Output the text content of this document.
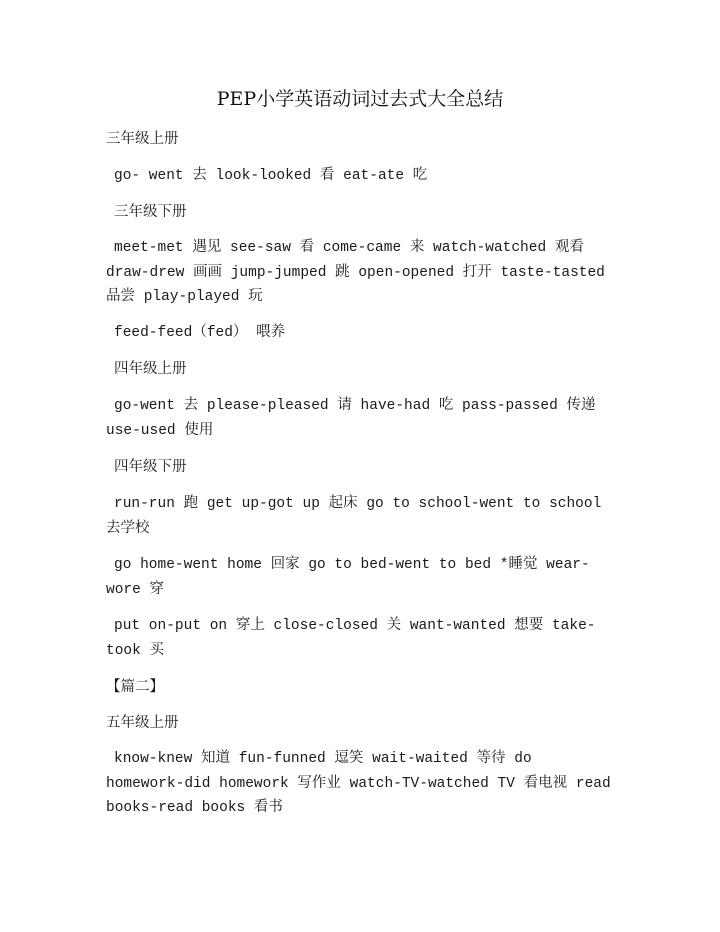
PEP小学英语动词过去式大全总结

三年级上册

go- went 去 look-looked 看 eat-ate 吃

三年级下册

meet-met 遇见 see-saw 看 come-came 来 watch-watched 观看 draw-drew 画画 jump-jumped 跳 open-opened 打开 taste-tasted 品尝 play-played 玩

feed-feed（fed） 喂养

四年级上册

go-went 去 please-pleased 请 have-had 吃 pass-passed 传递 use-used 使用

四年级下册

run-run 跑 get up-got up 起床 go to school-went to school 去学校

go home-went home 回家 go to bed-went to bed *睡觉 wear-wore 穿

put on-put on 穿上 close-closed 关 want-wanted 想要 take-took 买

【篇二】

五年级上册

know-knew 知道 fun-funned 逗笑 wait-waited 等待 do homework-did homework 写作业 watch-TV-watched TV 看电视 read books-read books 看书
